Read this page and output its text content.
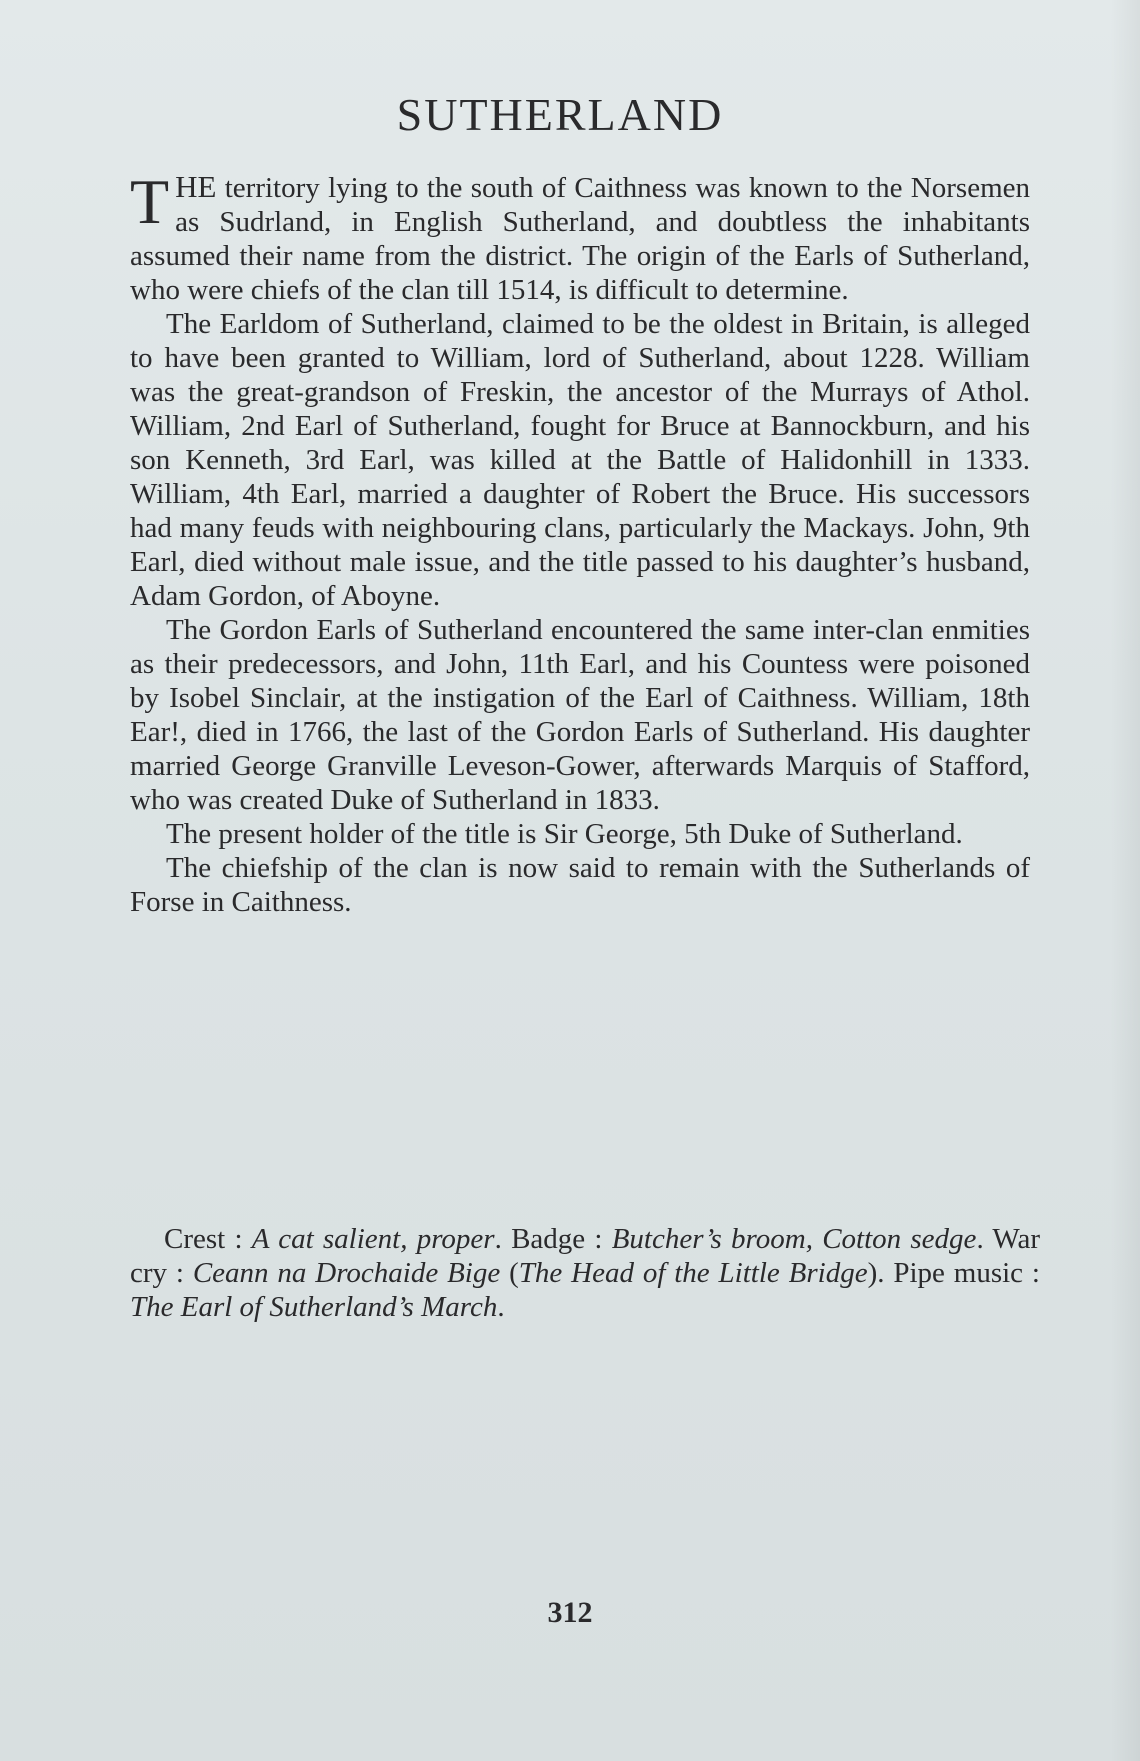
SUTHERLAND

THE territory lying to the south of Caithness was known to the Norsemen as Sudrland, in English Sutherland, and doubtless the inhabitants assumed their name from the district. The origin of the Earls of Sutherland, who were chiefs of the clan till 1514, is difficult to determine.

The Earldom of Sutherland, claimed to be the oldest in Britain, is alleged to have been granted to William, lord of Sutherland, about 1228. William was the great-grandson of Freskin, the ancestor of the Murrays of Athol. William, 2nd Earl of Sutherland, fought for Bruce at Bannockburn, and his son Kenneth, 3rd Earl, was killed at the Battle of Halidonhill in 1333. William, 4th Earl, married a daughter of Robert the Bruce. His successors had many feuds with neighbouring clans, particularly the Mackays. John, 9th Earl, died without male issue, and the title passed to his daughter’s husband, Adam Gordon, of Aboyne.

The Gordon Earls of Sutherland encountered the same inter-clan enmities as their predecessors, and John, 11th Earl, and his Countess were poisoned by Isobel Sinclair, at the instigation of the Earl of Caithness. William, 18th Ear!, died in 1766, the last of the Gordon Earls of Sutherland. His daughter married George Granville Leveson-Gower, afterwards Marquis of Stafford, who was created Duke of Sutherland in 1833.

The present holder of the title is Sir George, 5th Duke of Sutherland.

The chiefship of the clan is now said to remain with the Sutherlands of Forse in Caithness.

Crest : A cat salient, proper. Badge : Butcher’s broom, Cotton sedge. War cry : Ceann na Drochaide Bige (The Head of the Little Bridge). Pipe music : The Earl of Sutherland’s March.

312
